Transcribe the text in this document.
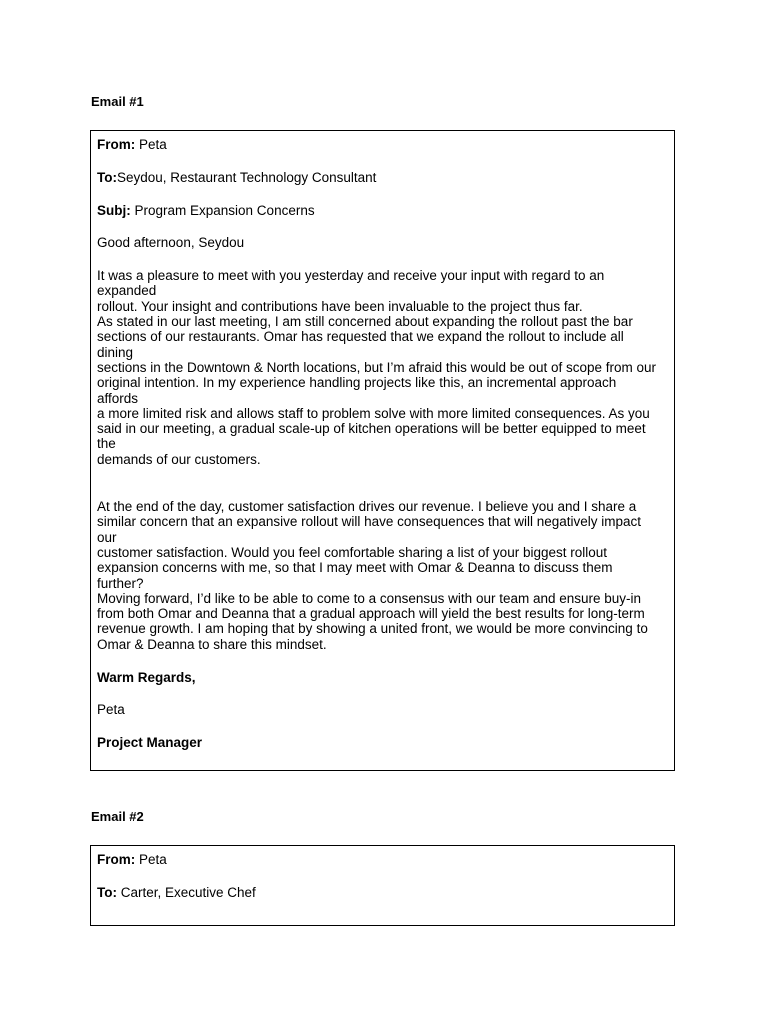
Email #1

From: Peta

To:Seydou, Restaurant Technology Consultant

Subj: Program Expansion Concerns

Good afternoon, Seydou

It was a pleasure to meet with you yesterday and receive your input with regard to an

expanded

rollout. Your insight and contributions have been invaluable to the project thus far.

As stated in our last meeting, I am still concerned about expanding the rollout past the bar

sections of our restaurants. Omar has requested that we expand the rollout to include all

dining

sections in the Downtown & North locations, but I’m afraid this would be out of scope from our

original intention. In my experience handling projects like this, an incremental approach

affords

a more limited risk and allows staff to problem solve with more limited consequences. As you

said in our meeting, a gradual scale-up of kitchen operations will be better equipped to meet

the

demands of our customers.

At the end of the day, customer satisfaction drives our revenue. I believe you and I share a

similar concern that an expansive rollout will have consequences that will negatively impact

our

customer satisfaction. Would you feel comfortable sharing a list of your biggest rollout

expansion concerns with me, so that I may meet with Omar & Deanna to discuss them

further?

Moving forward, I’d like to be able to come to a consensus with our team and ensure buy-in

from both Omar and Deanna that a gradual approach will yield the best results for long-term

revenue growth. I am hoping that by showing a united front, we would be more convincing to

Omar & Deanna to share this mindset.

Warm Regards,

Peta

Project Manager

Email #2

From: Peta

To: Carter, Executive Chef
